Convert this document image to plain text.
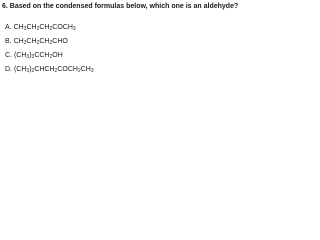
6. Based on the condensed formulas below, which one is an aldehyde?
A. $CH_3CH_2CH_2COCH_3$
B. $CH_3CH_2CH_2CHO$
C. $(CH_3)_3CCH_2OH$
D. $(CH_3)_2CHCH_2COCH_2CH_3$
